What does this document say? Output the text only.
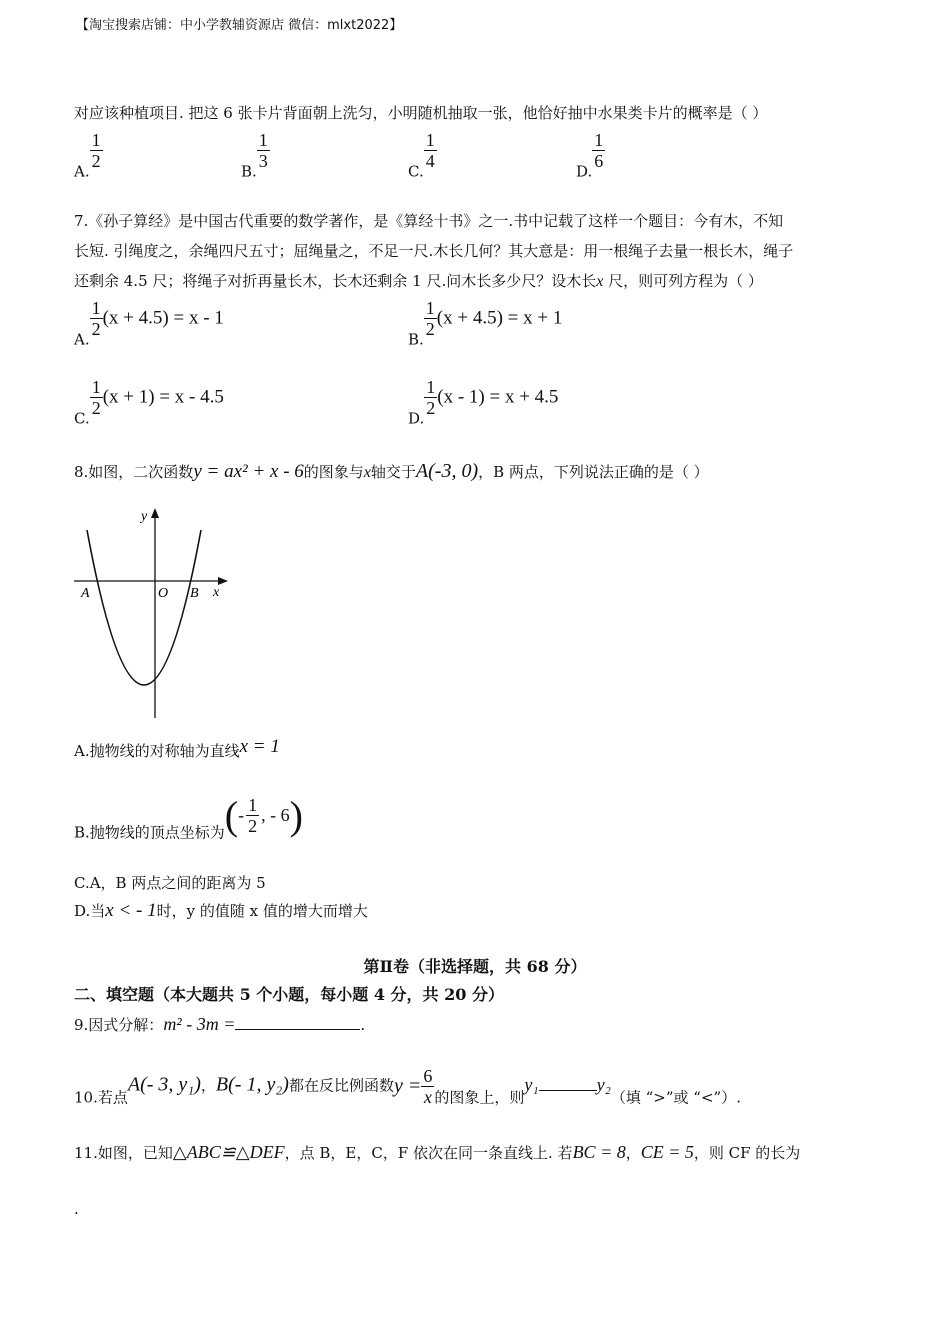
【淘宝搜索店铺：中小学教辅资源店 微信：mlxt2022】
对应该种植项目. 把这 6 张卡片背面朝上洗匀，小明随机抽取一张，他恰好抽中水果类卡片的概率是（ ）
A.
$\frac{1}{2}$
B.
$\frac{1}{3}$
C.
$\frac{1}{4}$
D.
$\frac{1}{6}$
7.《孙子算经》是中国古代重要的数学著作，是《算经十书》之一.书中记载了这样一个题目：今有木，不知
长短. 引绳度之，余绳四尺五寸；屈绳量之，不足一尺.木长几何？其大意是：用一根绳子去量一根长木，绳子
还剩余 4.5 尺；将绳子对折再量长木，长木还剩余 1 尺.问木长多少尺？设木长x 尺，则可列方程为（ ）
A.
$\frac{1}{2} (x + 4.5) = x - 1$
B.
$\frac{1}{2} (x + 4.5) = x + 1$
C.
$\frac{1}{2} (x + 1) = x - 4.5$
D.
$\frac{1}{2} (x - 1) = x + 4.5$
8.如图，二次函数y = ax² + x - 6的图象与x轴交于A(-3, 0)，B 两点，下列说法正确的是（ ）
y
x
A	O B
A.抛物线的对称轴为直线x = 1
B.抛物线的顶点坐标为(- $\frac{1}{2}$ , - 6)
C.A，B 两点之间的距离为 5
D.当x < - 1时，y 的值随 x 值的增大而增大
第Ⅱ卷（非选择题，共 68 分）
二、填空题（本大题共 5 个小题，每小题 4 分，共 20 分）
9.因式分解：m² - 3m =	.
10.若点A(- 3, y₁)，B(- 1, y₂)都在反比例函数$y = \frac{6}{x}$ 的图象上，则y₁	y₂（填 “>”或 “<”）.
11.如图，已知△ABC≌△DEF，点 B，E，C，F 依次在同一条直线上. 若BC = 8，CE = 5，则 CF 的长为
.
